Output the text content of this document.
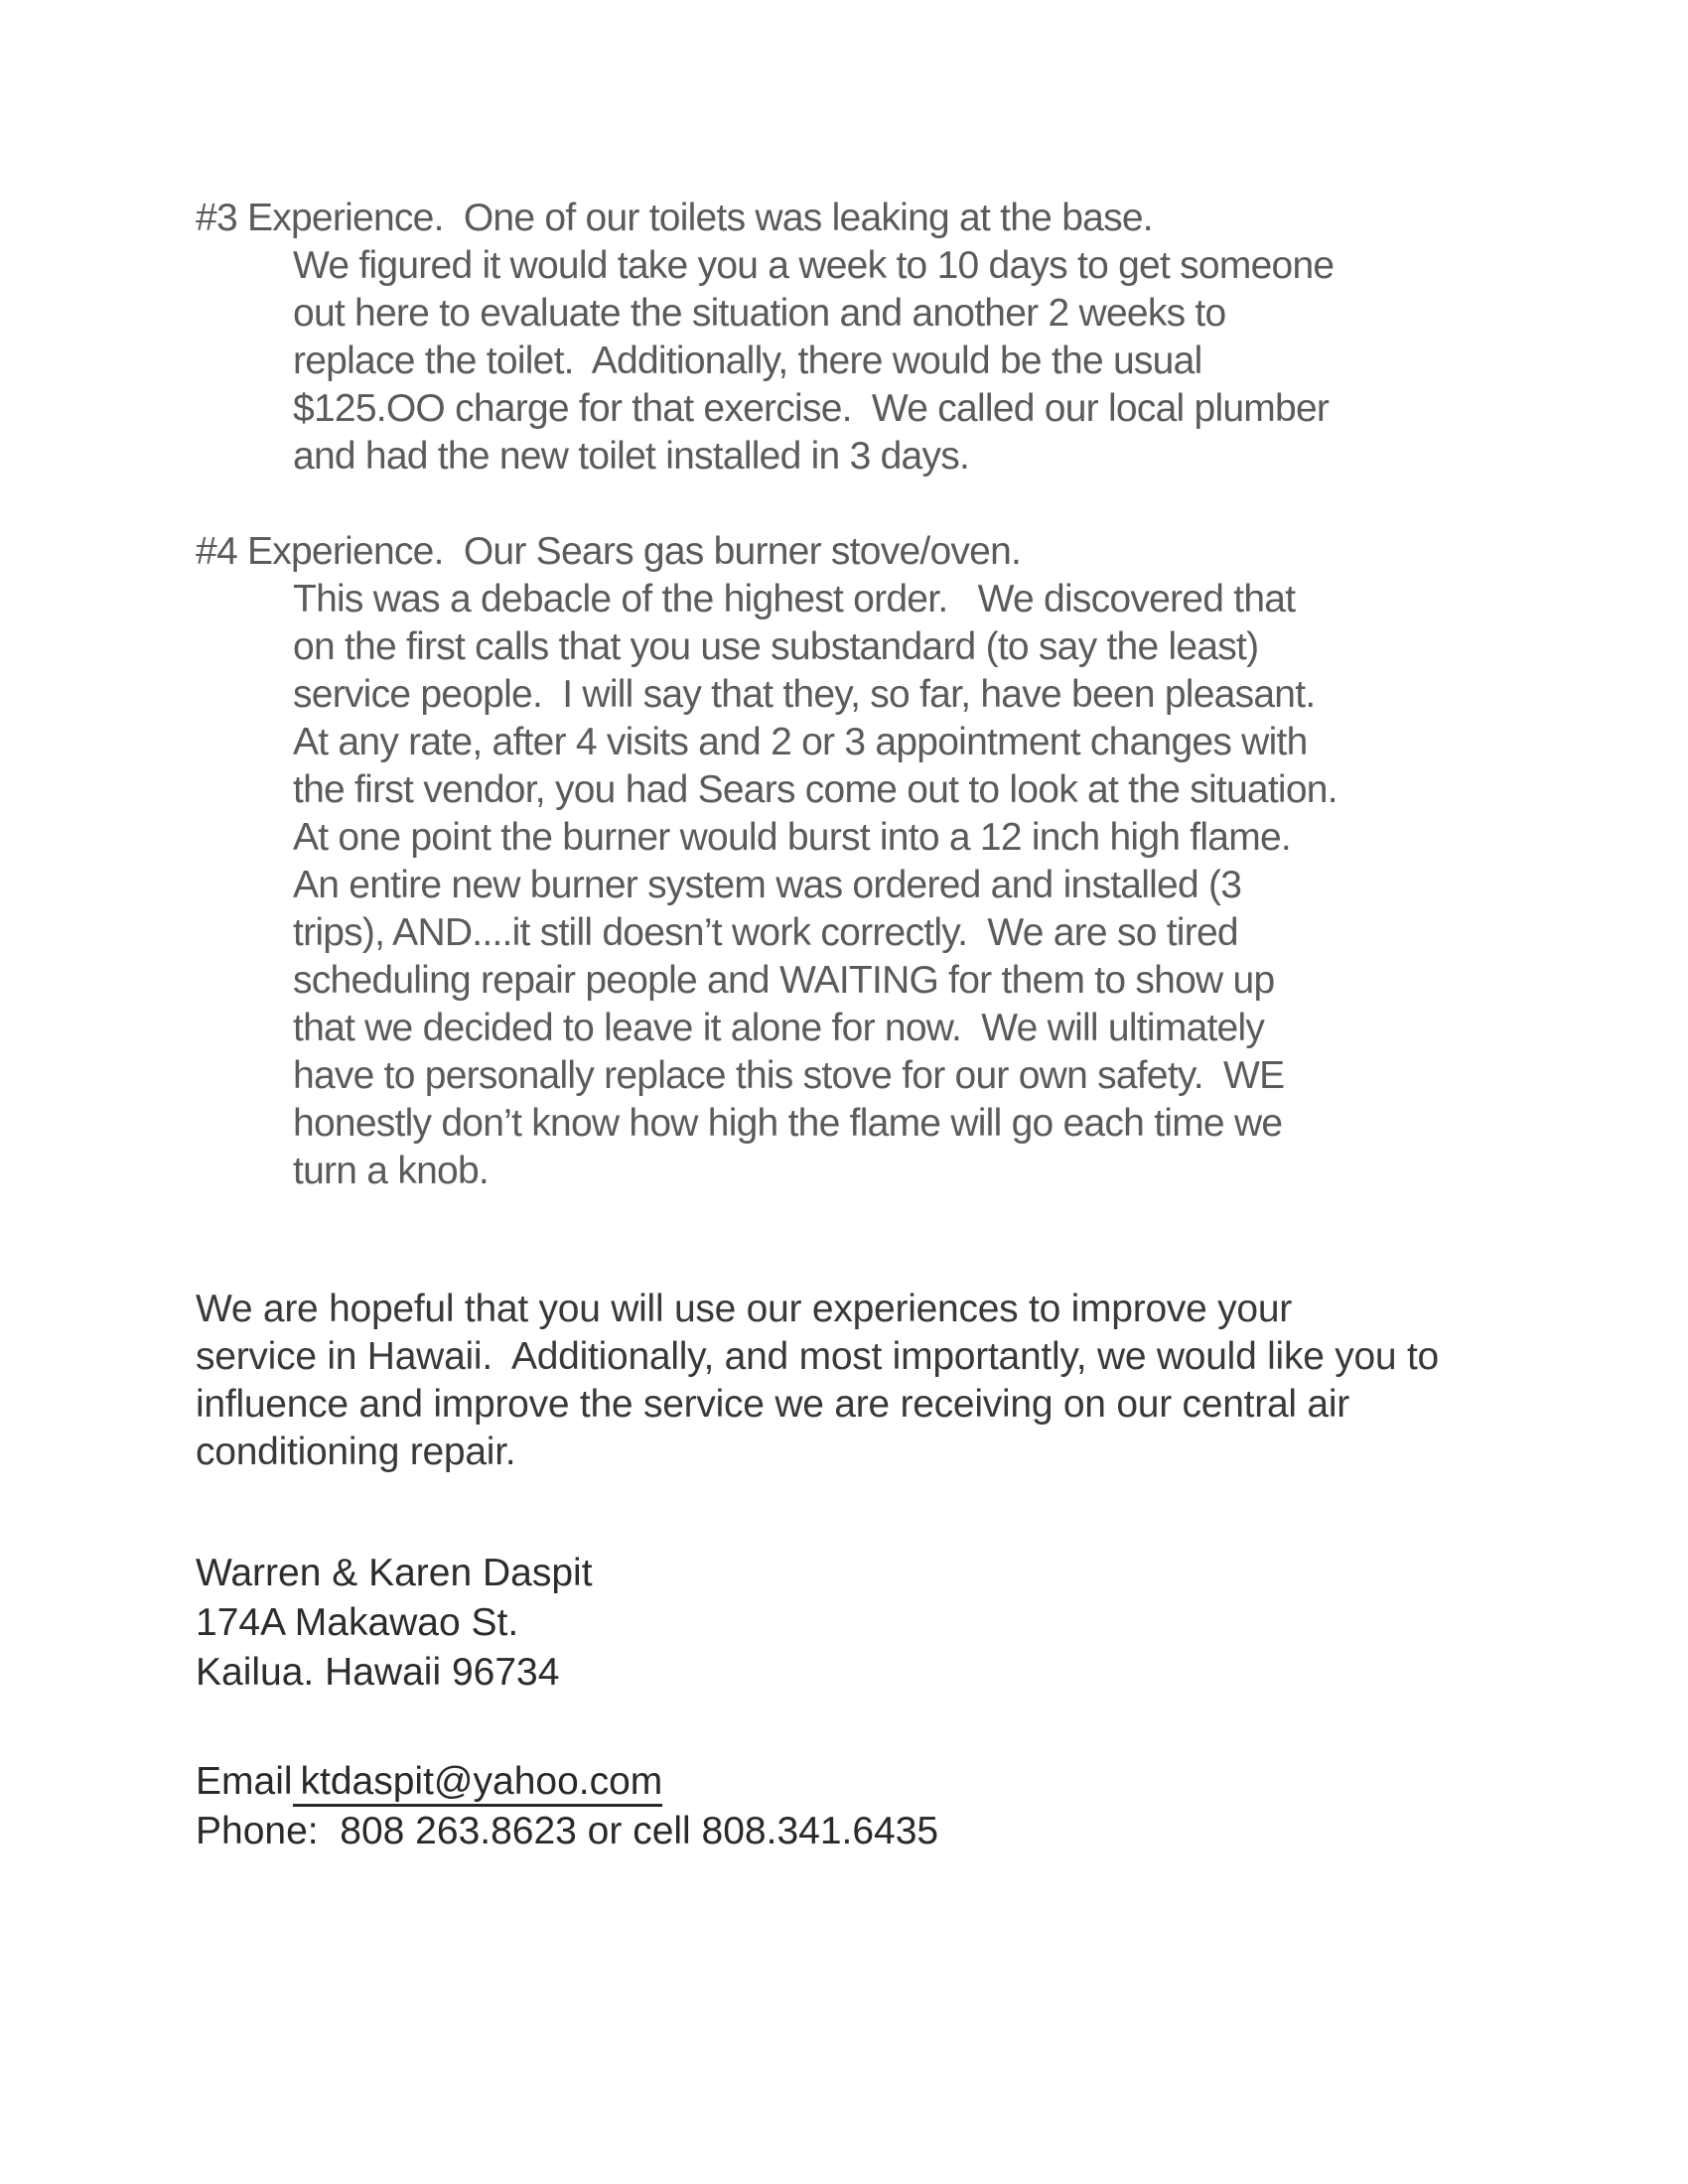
#3 Experience.  One of our toilets was leaking at the base.
We figured it would take you a week to 10 days to get someone
out here to evaluate the situation and another 2 weeks to
replace the toilet.  Additionally, there would be the usual
$125.OO charge for that exercise.  We called our local plumber
and had the new toilet installed in 3 days.
#4 Experience.  Our Sears gas burner stove/oven.
This was a debacle of the highest order.   We discovered that
on the first calls that you use substandard (to say the least)
service people.  I will say that they, so far, have been pleasant.
At any rate, after 4 visits and 2 or 3 appointment changes with
the first vendor, you had Sears come out to look at the situation.
At one point the burner would burst into a 12 inch high flame.
An entire new burner system was ordered and installed (3
trips), AND....it still doesn’t work correctly.  We are so tired
scheduling repair people and WAITING for them to show up
that we decided to leave it alone for now.  We will ultimately
have to personally replace this stove for our own safety.  WE
honestly don’t know how high the flame will go each time we
turn a knob.
We are hopeful that you will use our experiences to improve your
service in Hawaii.  Additionally, and most importantly, we would like you to
influence and improve the service we are receiving on our central air
conditioning repair.
Warren & Karen Daspit
174A Makawao St.
Kailua. Hawaii 96734
Email ktdaspit@yahoo.com
Phone:  808 263.8623 or cell 808.341.6435
